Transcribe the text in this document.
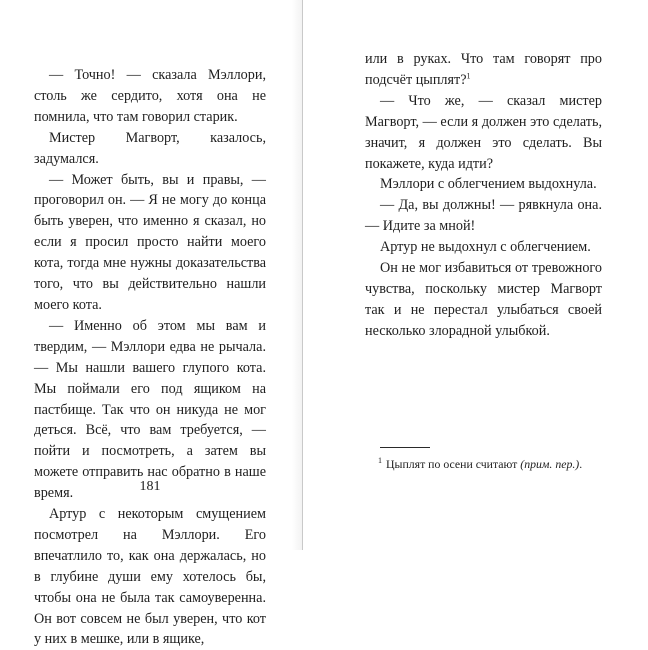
— Точно! — сказала Мэллори, столь же сердито, хотя она не помнила, что там говорил старик.

Мистер Магворт, казалось, задумался.

— Может быть, вы и правы, — проговорил он. — Я не могу до конца быть уверен, что именно я сказал, но если я просил просто найти моего кота, тогда мне нужны доказательства того, что вы действительно нашли моего кота.

— Именно об этом мы вам и твердим, — Мэллори едва не рычала. — Мы нашли вашего глупого кота. Мы поймали его под ящиком на пастбище. Так что он никуда не мог деться. Всё, что вам требуется, — пойти и посмотреть, а затем вы можете отправить нас обратно в наше время.

Артур с некоторым смущением посмотрел на Мэллори. Его впечатлило то, как она держалась, но в глубине души ему хотелось бы, чтобы она не была так самоуверенна. Он вот совсем не был уверен, что кот у них в мешке, или в ящике,

181

или в руках. Что там говорят про подсчёт цыплят?$^1$

— Что же, — сказал мистер Магворт, — если я должен это сделать, значит, я должен это сделать. Вы покажете, куда идти?

Мэллори с облегчением выдохнула.

— Да, вы должны! — рявкнула она. — Идите за мной!

Артур не выдохнул с облегчением.

Он не мог избавиться от тревожного чувства, поскольку мистер Магворт так и не перестал улыбаться своей несколько злорадной улыбкой.

$^1$ Цыплят по осени считают (прим. пер.).
